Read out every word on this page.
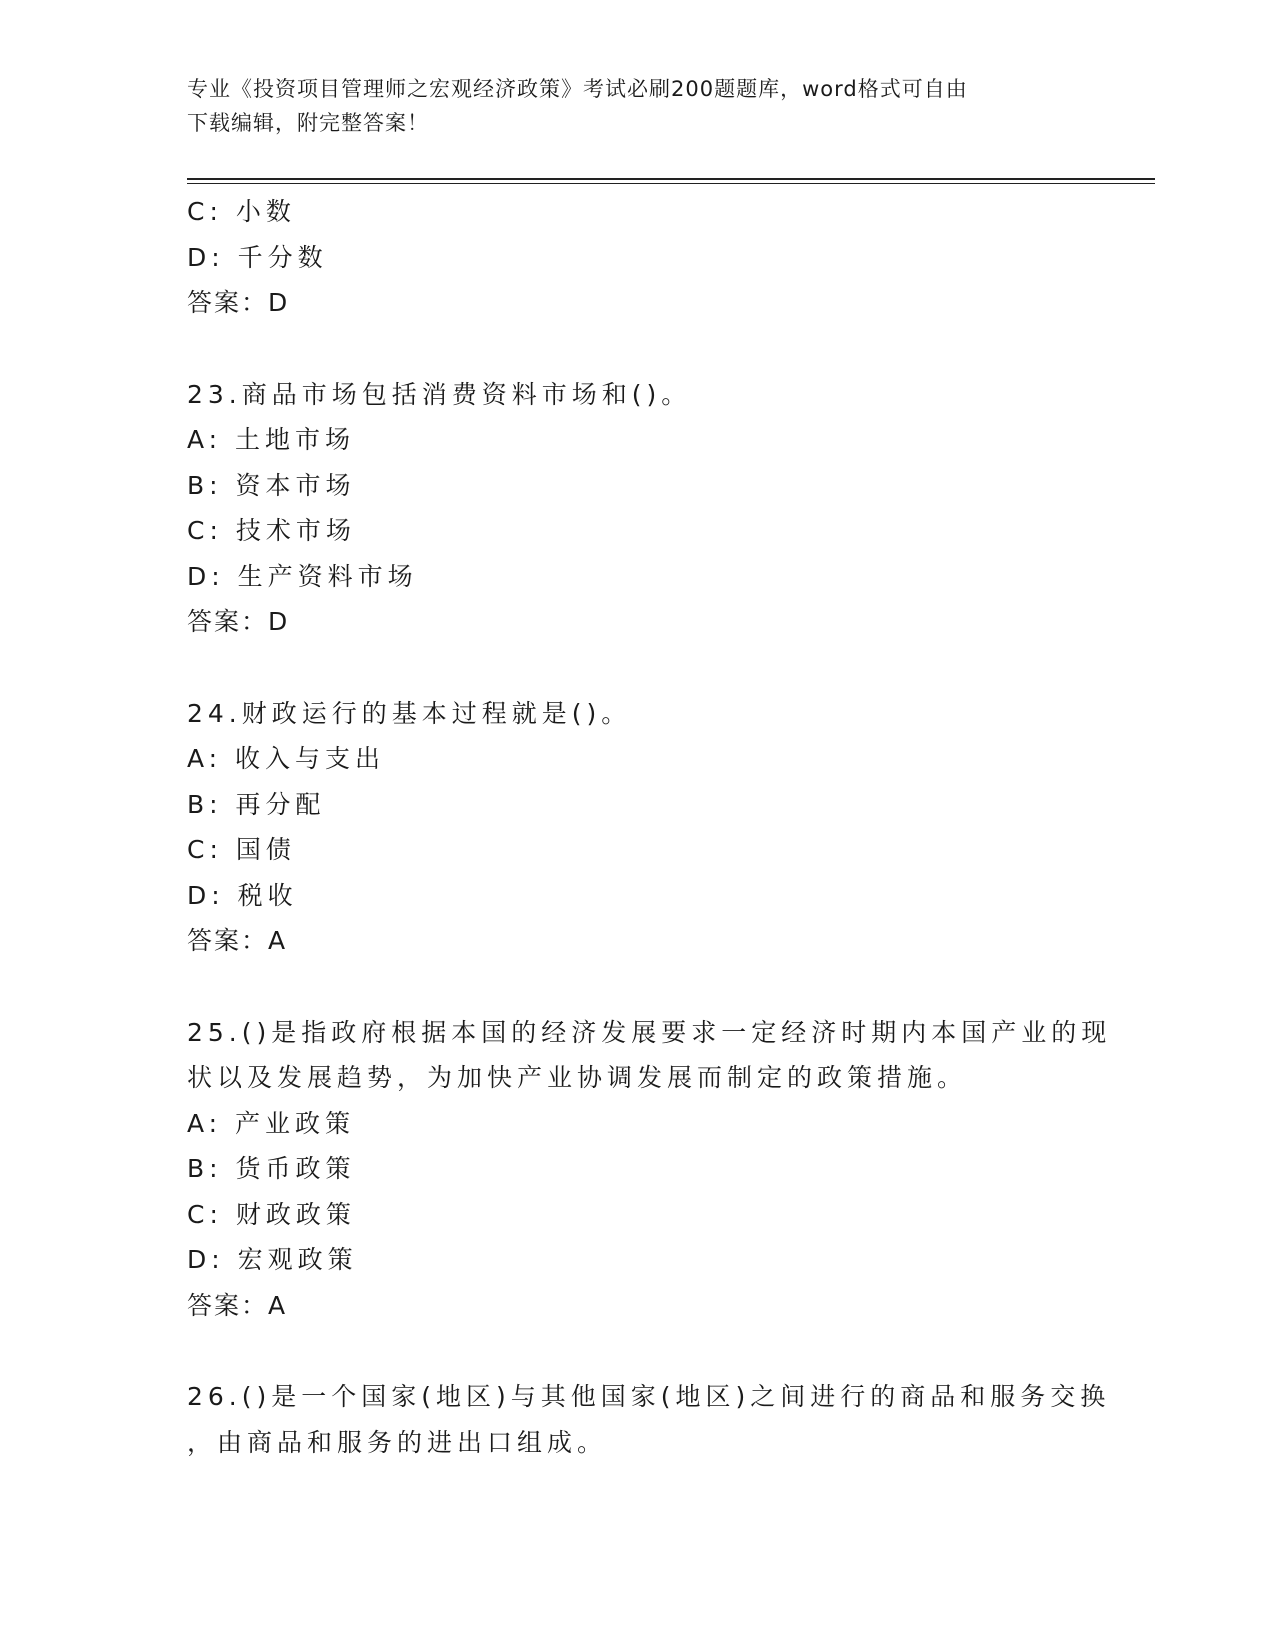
专业《投资项目管理师之宏观经济政策》考试必刷200题题库，word格式可自由
下载编辑，附完整答案！
C: 小数
D: 千分数
答案：D
23.商品市场包括消费资料市场和()。
A: 土地市场
B: 资本市场
C: 技术市场
D: 生产资料市场
答案：D
24.财政运行的基本过程就是()。
A: 收入与支出
B: 再分配
C: 国债
D: 税收
答案：A
25.()是指政府根据本国的经济发展要求一定经济时期内本国产业的现
状以及发展趋势，为加快产业协调发展而制定的政策措施。
A: 产业政策
B: 货币政策
C: 财政政策
D: 宏观政策
答案：A
26.()是一个国家(地区)与其他国家(地区)之间进行的商品和服务交换
，由商品和服务的进出口组成。
